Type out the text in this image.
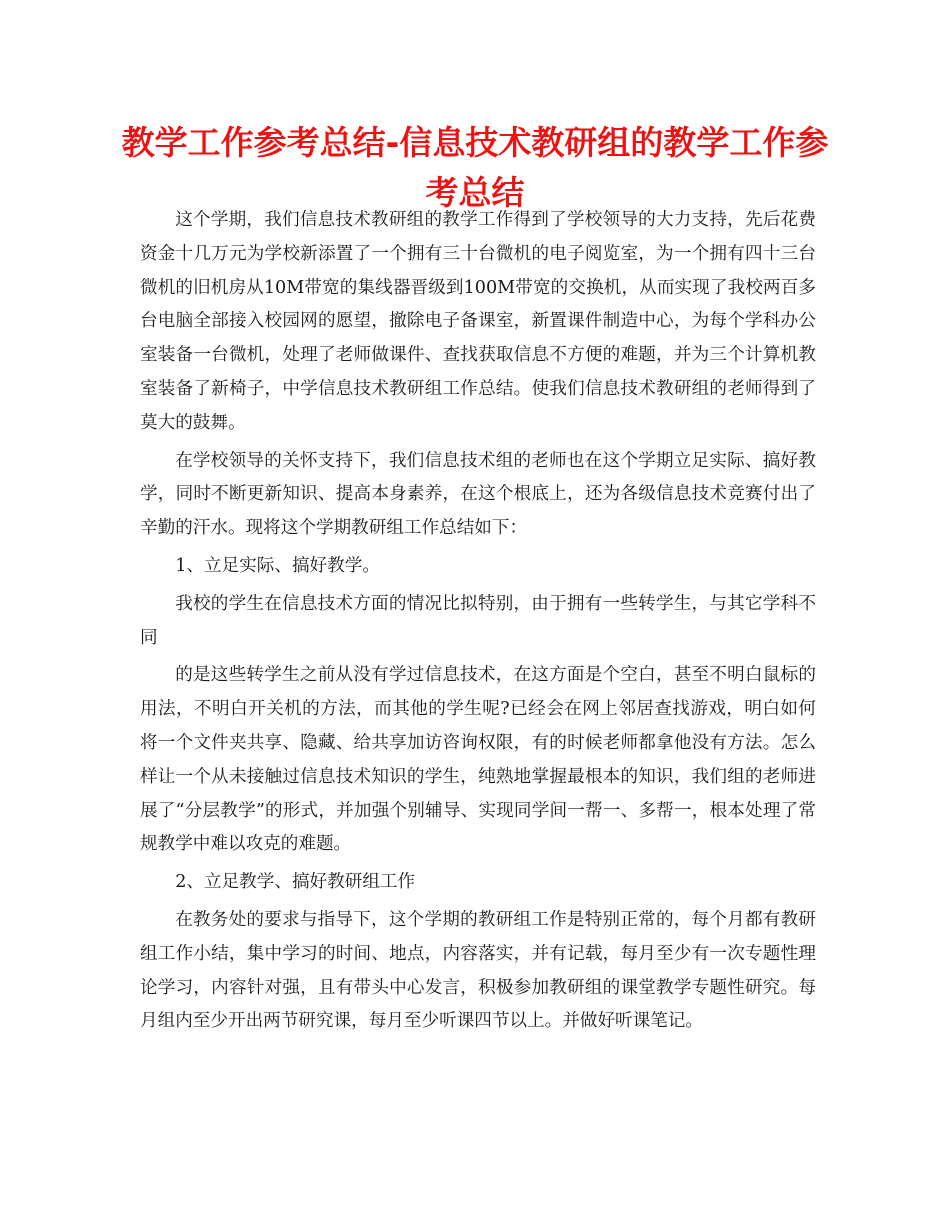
教学工作参考总结-信息技术教研组的教学工作参考总结

这个学期，我们信息技术教研组的教学工作得到了学校领导的大力支持，先后花费资金十几万元为学校新添置了一个拥有三十台微机的电子阅览室，为一个拥有四十三台微机的旧机房从10M带宽的集线器晋级到100M带宽的交换机，从而实现了我校两百多台电脑全部接入校园网的愿望，撤除电子备课室，新置课件制造中心，为每个学科办公室装备一台微机，处理了老师做课件、查找获取信息不方便的难题，并为三个计算机教室装备了新椅子，中学信息技术教研组工作总结。使我们信息技术教研组的老师得到了莫大的鼓舞。

在学校领导的关怀支持下，我们信息技术组的老师也在这个学期立足实际、搞好教学，同时不断更新知识、提高本身素养，在这个根底上，还为各级信息技术竞赛付出了辛勤的汗水。现将这个学期教研组工作总结如下：

1、立足实际、搞好教学。

我校的学生在信息技术方面的情况比拟特别，由于拥有一些转学生，与其它学科不同

的是这些转学生之前从没有学过信息技术，在这方面是个空白，甚至不明白鼠标的用法，不明白开关机的方法，而其他的学生呢?已经会在网上邻居查找游戏，明白如何将一个文件夹共享、隐藏、给共享加访咨询权限，有的时候老师都拿他没有方法。怎么样让一个从未接触过信息技术知识的学生，纯熟地掌握最根本的知识，我们组的老师进展了“分层教学”的形式，并加强个别辅导、实现同学间一帮一、多帮一，根本处理了常规教学中难以攻克的难题。

2、立足教学、搞好教研组工作

在教务处的要求与指导下，这个学期的教研组工作是特别正常的，每个月都有教研组工作小结，集中学习的时间、地点，内容落实，并有记载，每月至少有一次专题性理论学习，内容针对强，且有带头中心发言，积极参加教研组的课堂教学专题性研究。每月组内至少开出两节研究课，每月至少听课四节以上。并做好听课笔记。
